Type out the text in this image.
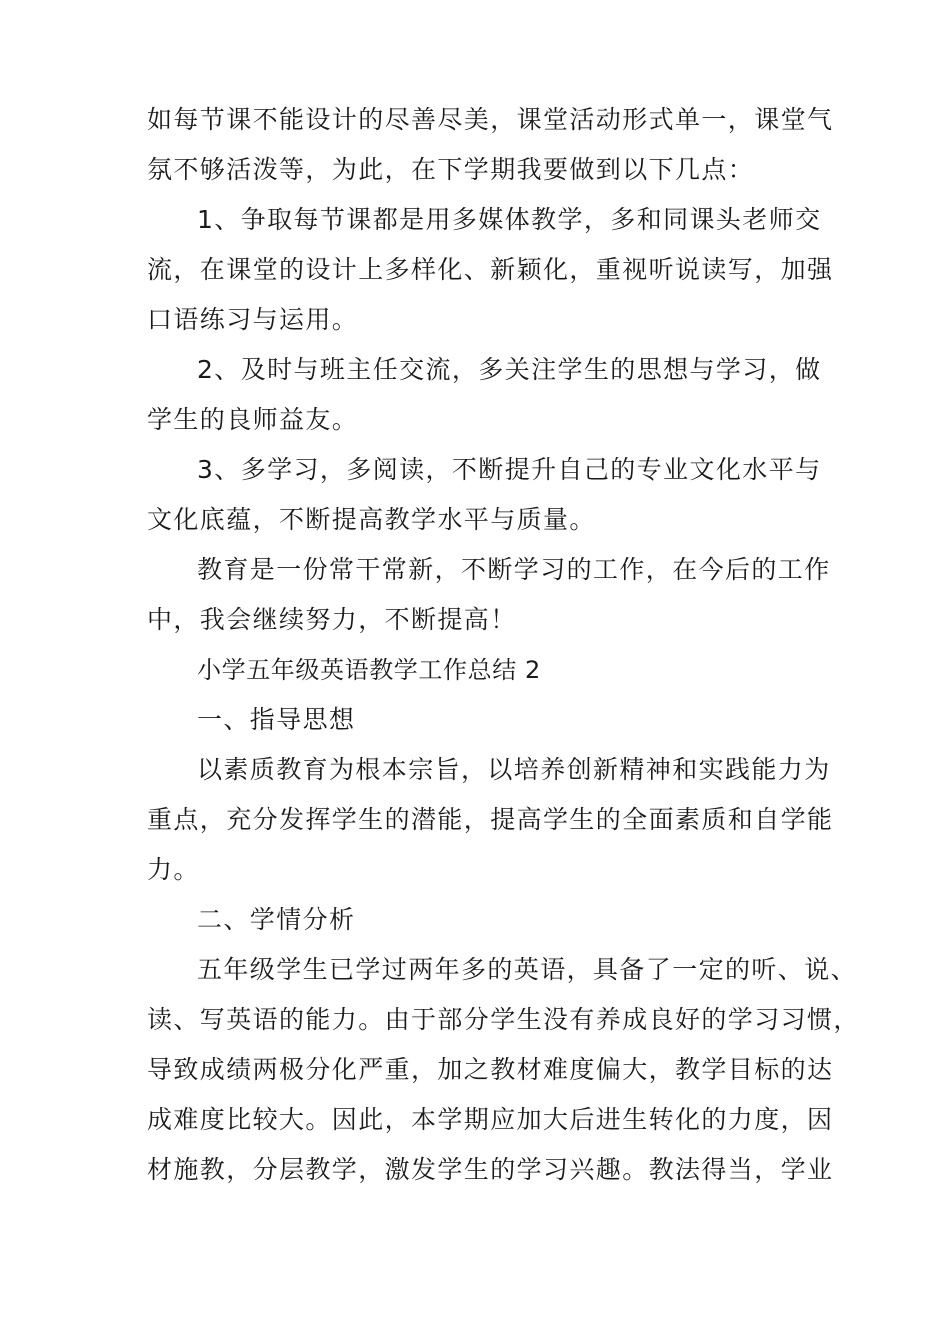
如每节课不能设计的尽善尽美，课堂活动形式单一，课堂气
氛不够活泼等，为此，在下学期我要做到以下几点：
1、争取每节课都是用多媒体教学，多和同课头老师交
流，在课堂的设计上多样化、新颖化，重视听说读写，加强
口语练习与运用。
2、及时与班主任交流，多关注学生的思想与学习，做
学生的良师益友。
3、多学习，多阅读，不断提升自己的专业文化水平与
文化底蕴，不断提高教学水平与质量。
教育是一份常干常新，不断学习的工作，在今后的工作
中，我会继续努力，不断提高！
小学五年级英语教学工作总结 2
一、指导思想
以素质教育为根本宗旨，以培养创新精神和实践能力为
重点，充分发挥学生的潜能，提高学生的全面素质和自学能
力。
二、学情分析
五年级学生已学过两年多的英语，具备了一定的听、说、
读、写英语的能力。由于部分学生没有养成良好的学习习惯，
导致成绩两极分化严重，加之教材难度偏大，教学目标的达
成难度比较大。因此，本学期应加大后进生转化的力度，因
材施教，分层教学，激发学生的学习兴趣。教法得当，学业
